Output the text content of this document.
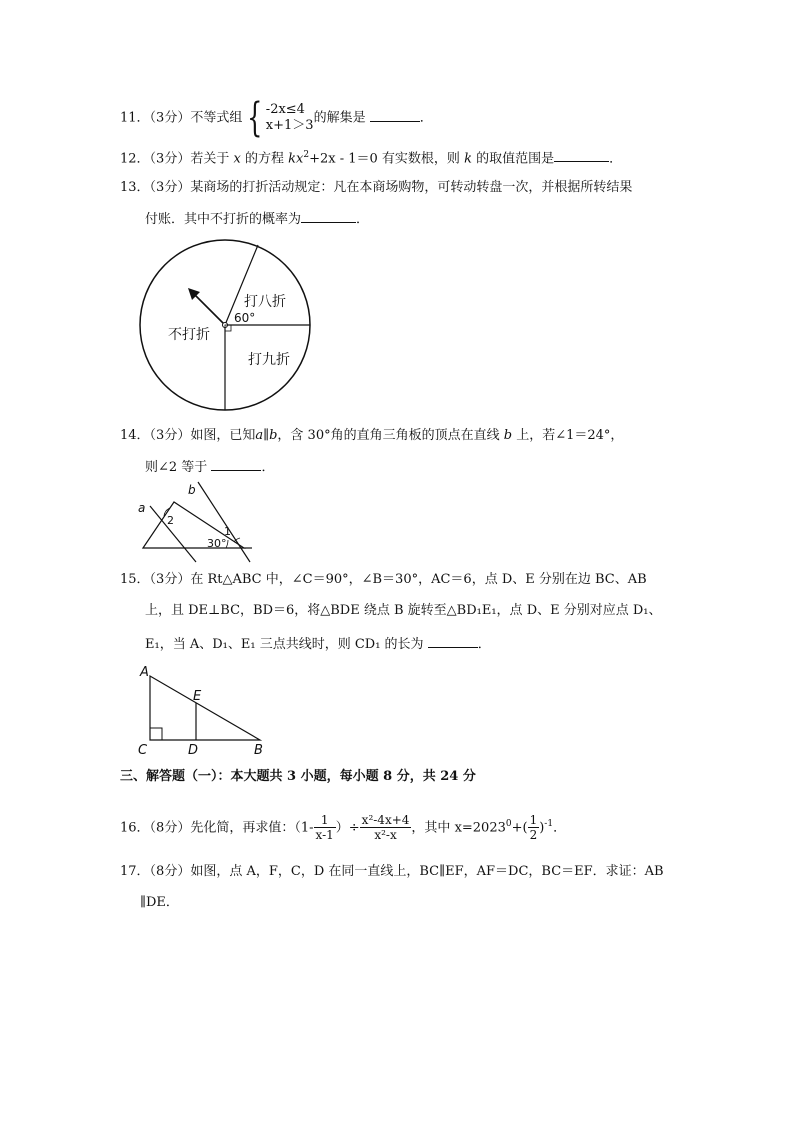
11．（3分）不等式组 { -2x≤4
x+1＞3 的解集是	．
12．（3分）若关于 x 的方程 $kx^2+2x - 1=0$ 有实数根，则 k 的取值范围是	．
13．（3分）某商场的打折活动规定：凡在本商场购物，可转动转盘一次，并根据所转结果
付账．其中不打折的概率为	．
打八折
60°
不打折
打九折
14．（3分）如图，已知a∥b，含 30°角的直角三角板的顶点在直线 b 上，若∠1＝24°，
则∠2 等于	．
a
b
2
1
30°
15．（3分）在 Rt△ABC 中，∠C＝90°，∠B＝30°，AC＝6，点 D、E 分别在边 BC、AB
上，且 DE⊥BC，BD＝6，将△BDE 绕点 B 旋转至△BD₁E₁，点 D、E 分别对应点 D₁、
E₁，当 A、D₁、E₁ 三点共线时，则 CD₁ 的长为	．
A
E
C	D	B
三、解答题（一）：本大题共 3 小题，每小题 8 分，共 24 分
16．（8分）先化简，再求值：（$1- \frac{1}{x-1}$ ）÷ $\frac{\text{x²-4x+4}}{\text{x²-x}}$ ，其中 $x=2023^0+( \frac{1}{2} )^{-1}$．
17．（8分）如图，点 A，F，C，D 在同一直线上，BC∥EF，AF＝DC，BC＝EF．求证：AB
∥DE．
